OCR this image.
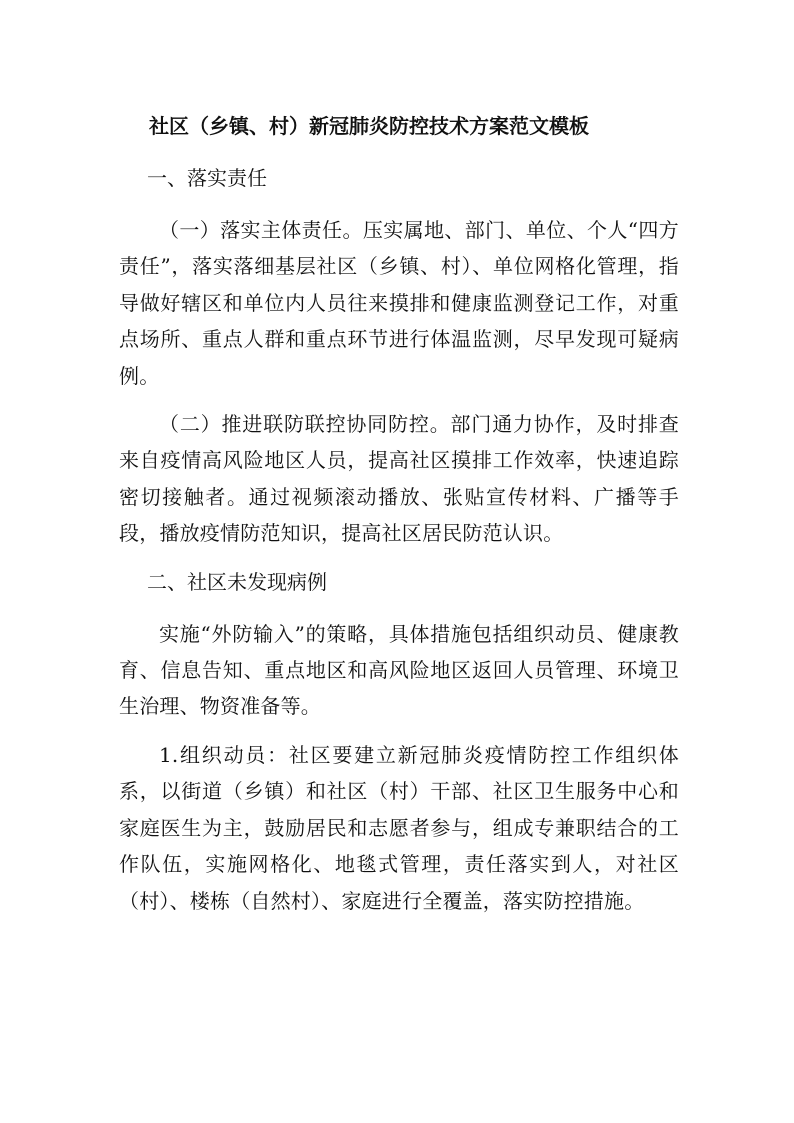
社区（乡镇、村）新冠肺炎防控技术方案范文模板
一、落实责任

（一）落实主体责任。压实属地、部门、单位、个人“四方责任”，落实落细基层社区（乡镇、村）、单位网格化管理，指导做好辖区和单位内人员往来摸排和健康监测登记工作，对重点场所、重点人群和重点环节进行体温监测，尽早发现可疑病例。

（二）推进联防联控协同防控。部门通力协作，及时排查来自疫情高风险地区人员，提高社区摸排工作效率，快速追踪密切接触者。通过视频滚动播放、张贴宣传材料、广播等手段，播放疫情防范知识，提高社区居民防范认识。

二、社区未发现病例

实施“外防输入”的策略，具体措施包括组织动员、健康教育、信息告知、重点地区和高风险地区返回人员管理、环境卫生治理、物资准备等。

1.组织动员：社区要建立新冠肺炎疫情防控工作组织体系，以街道（乡镇）和社区（村）干部、社区卫生服务中心和家庭医生为主，鼓励居民和志愿者参与，组成专兼职结合的工作队伍，实施网格化、地毯式管理，责任落实到人，对社区（村）、楼栋（自然村）、家庭进行全覆盖，落实防控措施。
